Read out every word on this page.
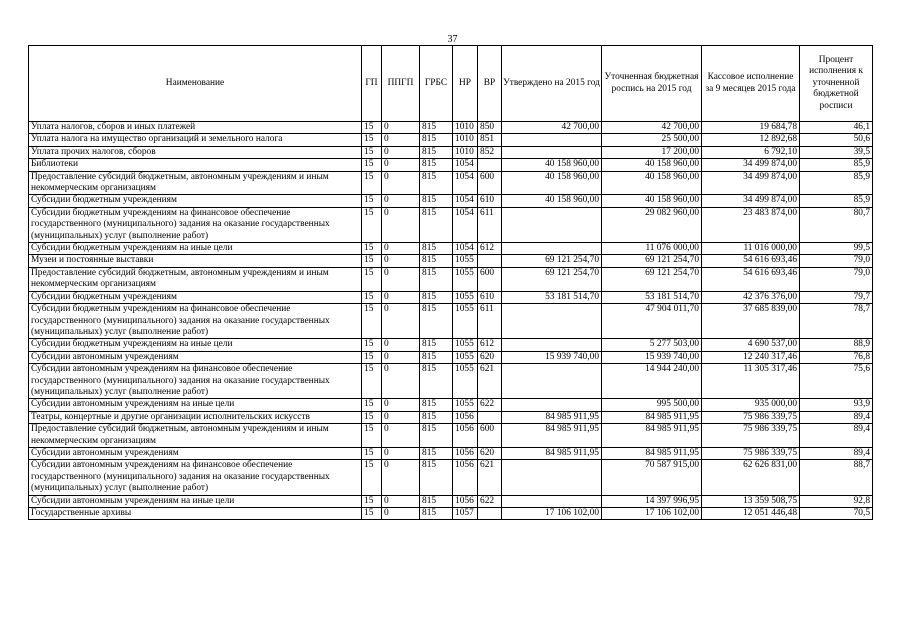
37
Наименование	ГП	ППГП	ГРБС	НР	ВР	Утверждено на 2015 год	Уточненная бюджетная роспись на 2015 год	Кассовое исполнение за 9 месяцев 2015 года	Процент исполнения к уточненной бюджетной росписи
Уплата налогов, сборов и иных платежей	15	0	815	1010	850	42 700,00	42 700,00	19 684,78	46,1
Уплата налога на имущество организаций и земельного налога	15	0	815	1010	851		25 500,00	12 892,68	50,6
Уплата прочих налогов, сборов	15	0	815	1010	852		17 200,00	6 792,10	39,5
Библиотеки	15	0	815	1054		40 158 960,00	40 158 960,00	34 499 874,00	85,9
Предоставление субсидий бюджетным, автономным учреждениям и иным некоммерческим организациям	15	0	815	1054	600	40 158 960,00	40 158 960,00	34 499 874,00	85,9
Субсидии бюджетным учреждениям	15	0	815	1054	610	40 158 960,00	40 158 960,00	34 499 874,00	85,9
Субсидии бюджетным учреждениям на финансовое обеспечение государственного (муниципального) задания на оказание государственных (муниципальных) услуг (выполнение работ)	15	0	815	1054	611		29 082 960,00	23 483 874,00	80,7
Субсидии бюджетным учреждениям на иные цели	15	0	815	1054	612		11 076 000,00	11 016 000,00	99,5
Музеи и постоянные выставки	15	0	815	1055		69 121 254,70	69 121 254,70	54 616 693,46	79,0
Предоставление субсидий бюджетным, автономным учреждениям и иным некоммерческим организациям	15	0	815	1055	600	69 121 254,70	69 121 254,70	54 616 693,46	79,0
Субсидии бюджетным учреждениям	15	0	815	1055	610	53 181 514,70	53 181 514,70	42 376 376,00	79,7
Субсидии бюджетным учреждениям на финансовое обеспечение государственного (муниципального) задания на оказание государственных (муниципальных) услуг (выполнение работ)	15	0	815	1055	611		47 904 011,70	37 685 839,00	78,7
Субсидии бюджетным учреждениям на иные цели	15	0	815	1055	612		5 277 503,00	4 690 537,00	88,9
Субсидии автономным учреждениям	15	0	815	1055	620	15 939 740,00	15 939 740,00	12 240 317,46	76,8
Субсидии автономным учреждениям на финансовое обеспечение государственного (муниципального) задания на оказание государственных (муниципальных) услуг (выполнение работ)	15	0	815	1055	621		14 944 240,00	11 305 317,46	75,6
Субсидии автономным учреждениям на иные цели	15	0	815	1055	622		995 500,00	935 000,00	93,9
Театры, концертные и другие организации исполнительских искусств	15	0	815	1056		84 985 911,95	84 985 911,95	75 986 339,75	89,4
Предоставление субсидий бюджетным, автономным учреждениям и иным некоммерческим организациям	15	0	815	1056	600	84 985 911,95	84 985 911,95	75 986 339,75	89,4
Субсидии автономным учреждениям	15	0	815	1056	620	84 985 911,95	84 985 911,95	75 986 339,75	89,4
Субсидии автономным учреждениям на финансовое обеспечение государственного (муниципального) задания на оказание государственных (муниципальных) услуг (выполнение работ)	15	0	815	1056	621		70 587 915,00	62 626 831,00	88,7
Субсидии автономным учреждениям на иные цели	15	0	815	1056	622		14 397 996,95	13 359 508,75	92,8
Государственные архивы	15	0	815	1057		17 106 102,00	17 106 102,00	12 051 446,48	70,5
